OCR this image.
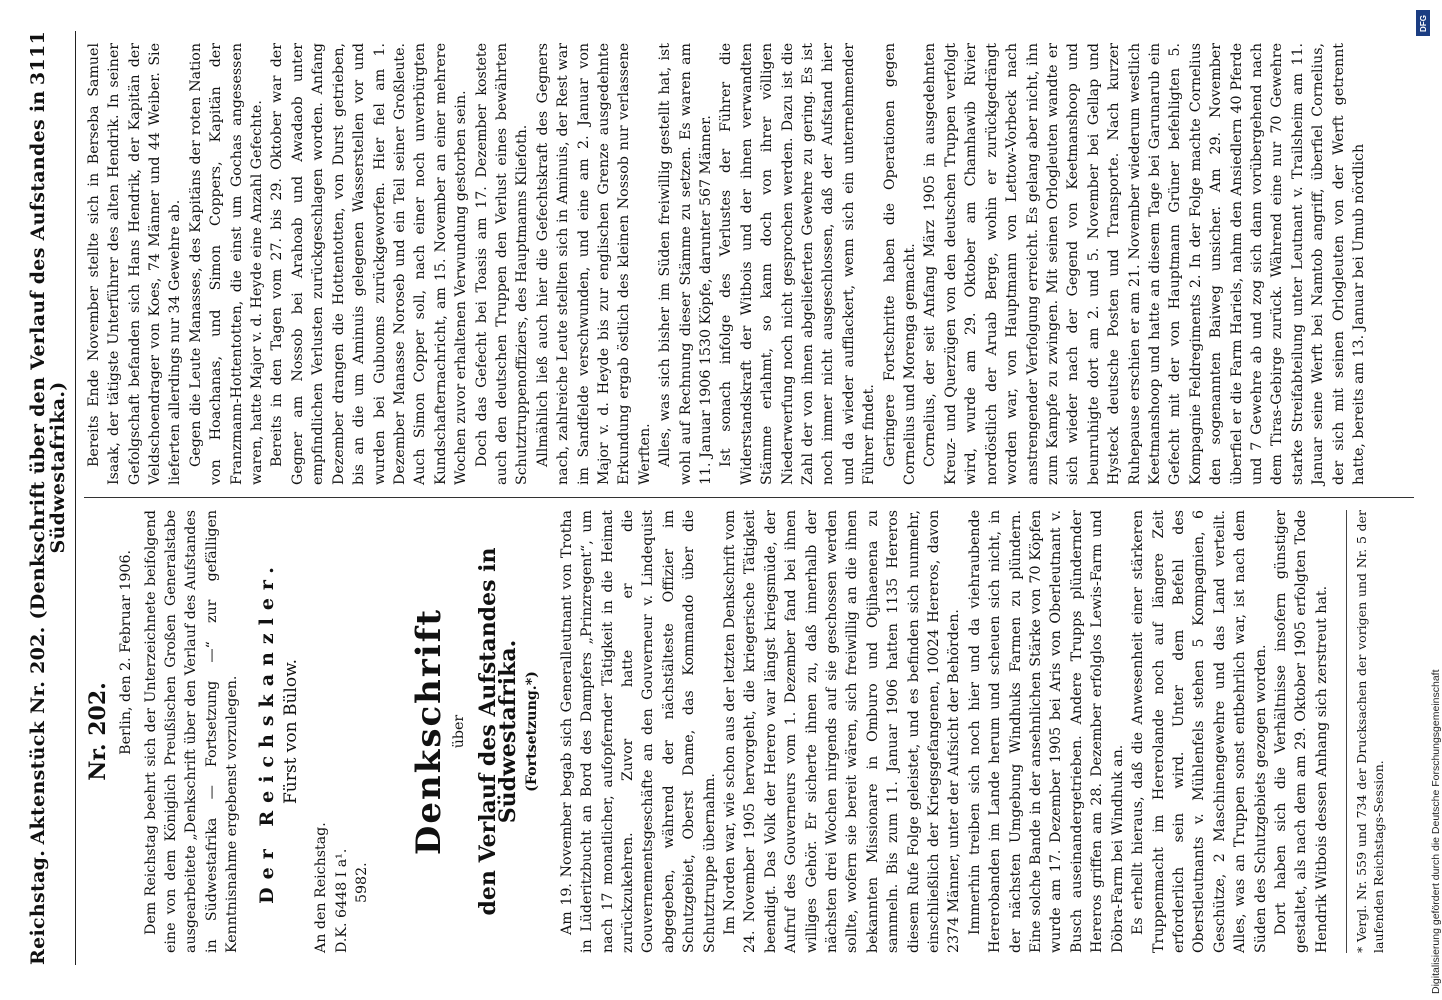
Reichstag.
Aktenstück Nr. 202. (Denkschrift über den Verlauf des Aufstandes in Südwestafrika.)
3111
Nr. 202. Berlin, den 2. Februar 1906. Dem Reichstag beehrt sich der Unterzeichnete beifolgend eine von dem Königlich Preußischen Großen Generalstabe ausgearbeitete „Denkschrift über den Verlauf des Aufstandes in Südwestafrika — Fortsetzung —“ zur gefälligen Kenntnisnahme ergebenst vorzulegen. Der Reichskanzler. Fürst von Bülow.

An den Reichstag. D.K. 6448 I a¹. 5982.

Denkschrift über den Verlauf des Aufstandes in Südwestafrika. (Fortsetzung.*) Am 19. November begab sich Generalleutnant von Trotha in Lüderitzbucht an Bord des Dampfers „Prinzregent“, um nach 17 monatlicher, aufopfernder Tätigkeit in die Heimat zurückzukehren. Zuvor hatte er die Gouvernementsgeschäfte an den Gouverneur v. Lindequist abgegeben, während der nächstälteste Offizier im Schutzgebiet, Oberst Dame, das Kommando über die Schutztruppe übernahm. Im Norden war, wie schon aus der letzten Denkschrift vom 24. November 1905 hervorgeht, die kriegerische Tätigkeit beendigt. Das Volk der Herero war längst kriegsmüde, der Aufruf des Gouverneurs vom 1. Dezember fand bei ihnen williges Gehör. Er sicherte ihnen zu, daß innerhalb der nächsten drei Wochen nirgends auf sie geschossen werden sollte, wofern sie bereit wären, sich freiwillig an die ihnen bekannten Missionare in Omburo und Otjihaenena zu sammeln. Bis zum 11. Januar 1906 hatten 1135 Hereros diesem Rufe Folge geleistet, und es befinden sich nunmehr, einschließlich der Kriegsgefangenen, 10024 Hereros, davon 2374 Männer, unter der Aufsicht der Behörden. Immerhin treiben sich noch hier und da viehraubende Hererobanden im Lande herum und scheuen sich nicht, in der nächsten Umgebung Windhuks Farmen zu plündern. Eine solche Bande in der ansehnlichen Stärke von 70 Köpfen wurde am 17. Dezember 1905 bei Aris von Oberleutnant v. Busch auseinandergetrieben. Andere Trupps plündernder Hereros griffen am 28. Dezember erfolglos Lewis-Farm und Döbra-Farm bei Windhuk an. Es erhellt hieraus, daß die Anwesenheit einer stärkeren Truppenmacht im Hererolande noch auf längere Zeit erforderlich sein wird. Unter dem Befehl des Oberstleutnants v. Mühlenfels stehen 5 Kompagnien, 6 Geschütze, 2 Maschinengewehre und das Land verteilt. Alles, was an Truppen sonst entbehrlich war, ist nach dem Süden des Schutzgebiets gezogen worden. Dort haben sich die Verhältnisse insofern günstiger gestaltet, als nach dem am 29. Oktober 1905 erfolgten Tode Hendrik Witbois dessen Anhang sich zerstreut hat.	* Vergl. Nr. 559 und 734 der Drucksachen der vorigen und Nr. 5 der laufenden Reichstags-Session.

Bereits Ende November stellte sich in Berseba Samuel Isaak, der tätigste Unterführer des alten Hendrik. In seiner Gefolgschaft befanden sich Hans Hendrik, der Kapitän der Veldschoendrager von Koes, 74 Männer und 44 Weiber. Sie lieferten allerdings nur 34 Gewehre ab. Gegen die Leute Manasses, des Kapitäns der roten Nation von Hoachanas, und Simon Coppers, Kapitän der Franzmann-Hottentotten, die einst um Gochas angesessen waren, hatte Major v. d. Heyde eine Anzahl Gefechte. Bereits in den Tagen vom 27. bis 29. Oktober war der Gegner am Nossob bei Arahoab und Awadaob unter empfindlichen Verlusten zurückgeschlagen worden. Anfang Dezember drangen die Hottentotten, von Durst getrieben, bis an die um Aminuis gelegenen Wasserstellen vor und wurden bei Gubuoms zurückgeworfen. Hier fiel am 1. Dezember Manasse Noroseb und ein Teil seiner Großleute. Auch Simon Copper soll, nach einer noch unverbürgten Kundschafternachricht, am 15. November an einer mehrere Wochen zuvor erhaltenen Verwundung gestorben sein. Doch das Gefecht bei Toasis am 17. Dezember kostete auch den deutschen Truppen den Verlust eines bewährten Schutztruppenoffiziers, des Hauptmanns Kliefoth. Allmählich ließ auch hier die Gefechtskraft des Gegners nach, zahlreiche Leute stellten sich in Aminuis, der Rest war im Sandfelde verschwunden, und eine am 2. Januar von Major v. d. Heyde bis zur englischen Grenze ausgedehnte Erkundung ergab östlich des kleinen Nossob nur verlassene Werften. Alles, was sich bisher im Süden freiwillig gestellt hat, ist wohl auf Rechnung dieser Stämme zu setzen. Es waren am 11. Januar 1906 1530 Köpfe, darunter 567 Männer. Ist sonach infolge des Verlustes der Führer die Widerstandskraft der Witbois und der ihnen verwandten Stämme erlahmt, so kann doch von ihrer völligen Niederwerfung noch nicht gesprochen werden. Dazu ist die Zahl der von ihnen abgelieferten Gewehre zu gering. Es ist noch immer nicht ausgeschlossen, daß der Aufstand hier und da wieder aufflackert, wenn sich ein unternehmender Führer findet. Geringere Fortschritte haben die Operationen gegen Cornelius und Morenga gemacht. Cornelius, der seit Anfang März 1905 in ausgedehnten Kreuz- und Querzügen von den deutschen Truppen verfolgt wird, wurde am 29. Oktober am Chamhawib Rivier nordöstlich der Aruab Berge, wohin er zurückgedrängt worden war, von Hauptmann von Lettow-Vorbeck nach anstrengender Verfolgung erreicht. Es gelang aber nicht, ihn zum Kampfe zu zwingen. Mit seinen Orlogleuten wandte er sich wieder nach der Gegend von Keetmanshoop und beunruhigte dort am 2. und 5. November bei Gellap und Hysteck deutsche Posten und Transporte. Nach kurzer Ruhepause erschien er am 21. November wiederum westlich Keetmanshoop und hatte an diesem Tage bei Garunarub ein Gefecht mit der von Hauptmann Grüner befehligten 5. Kompagnie Feldregiments 2. In der Folge machte Cornelius den sogenannten Baiweg unsicher. Am 29. November überfiel er die Farm Hariels, nahm den Ansiedlern 40 Pferde und 7 Gewehre ab und zog sich dann vorübergehend nach dem Tiras-Gebirge zurück. Während eine nur 70 Gewehre starke Streifabteilung unter Leutnant v. Trailsheim am 11. Januar seine Werft bei Namtob angriff, überfiel Cornelius, der sich mit seinen Orlogleuten von der Werft getrennt hatte, bereits am 13. Januar bei Umub nördlich

DFG
Digitalisierung gefördert durch die Deutsche Forschungsgemeinschaft
